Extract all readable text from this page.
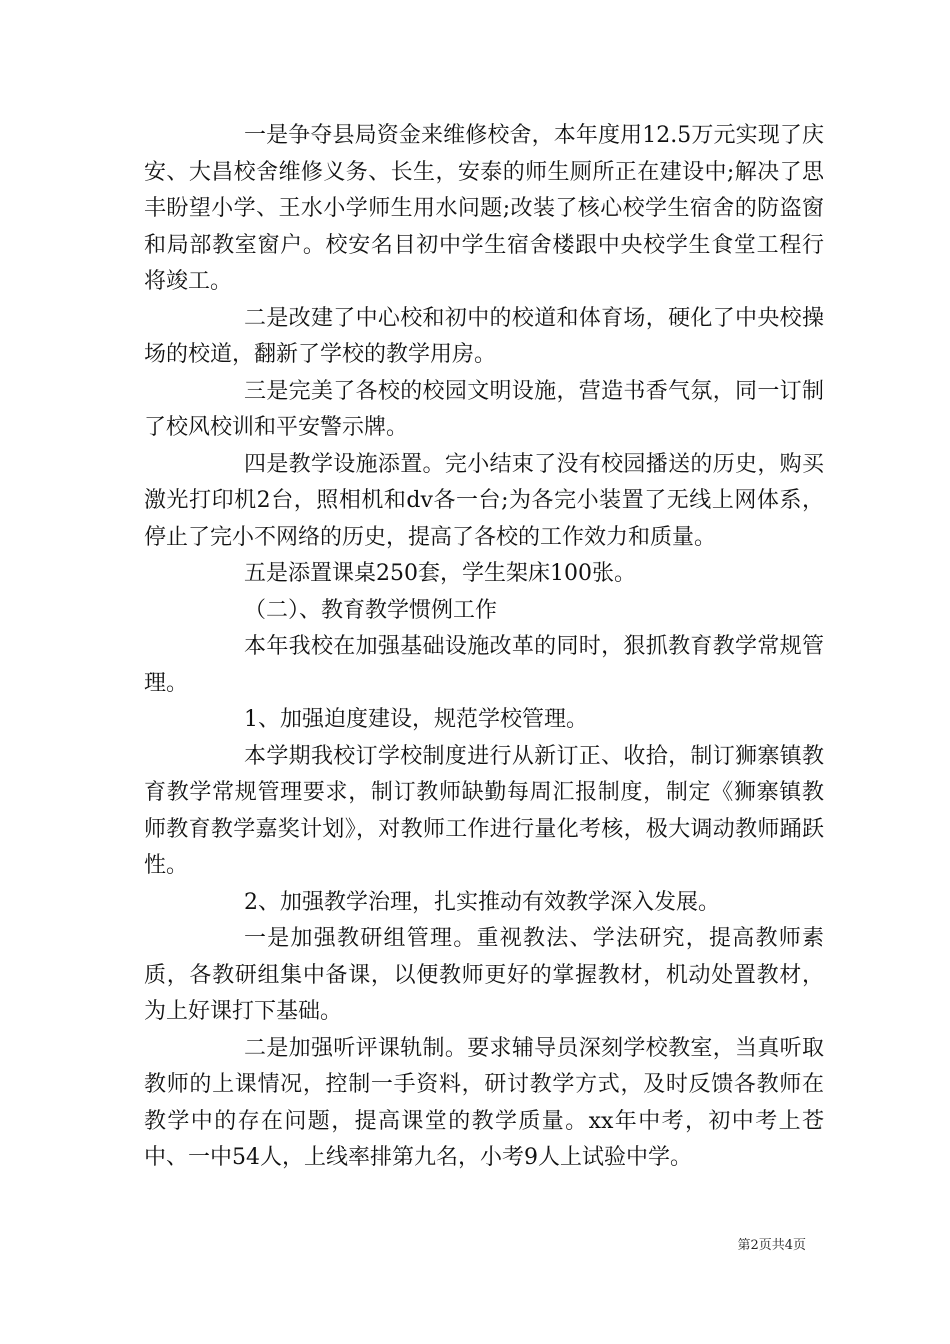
一是争夺县局资金来维修校舍，本年度用12.5万元实现了庆安、大昌校舍维修义务、长生，安泰的师生厕所正在建设中;解决了思丰盼望小学、王水小学师生用水问题;改装了核心校学生宿舍的防盗窗和局部教室窗户。校安名目初中学生宿舍楼跟中央校学生食堂工程行将竣工。

二是改建了中心校和初中的校道和体育场，硬化了中央校操场的校道，翻新了学校的教学用房。

三是完美了各校的校园文明设施，营造书香气氛，同一订制了校风校训和平安警示牌。

四是教学设施添置。完小结束了没有校园播送的历史，购买激光打印机2台，照相机和dv各一台;为各完小装置了无线上网体系，停止了完小不网络的历史，提高了各校的工作效力和质量。

五是添置课桌250套，学生架床100张。

（二）、教育教学惯例工作

本年我校在加强基础设施改革的同时，狠抓教育教学常规管理。

1、加强迫度建设，规范学校管理。

本学期我校订学校制度进行从新订正、收拾，制订狮寨镇教育教学常规管理要求，制订教师缺勤每周汇报制度，制定《狮寨镇教师教育教学嘉奖计划》，对教师工作进行量化考核，极大调动教师踊跃性。

2、加强教学治理，扎实推动有效教学深入发展。

一是加强教研组管理。重视教法、学法研究，提高教师素质，各教研组集中备课，以便教师更好的掌握教材，机动处置教材，为上好课打下基础。

二是加强听评课轨制。要求辅导员深刻学校教室，当真听取教师的上课情况，控制一手资料，研讨教学方式，及时反馈各教师在教学中的存在问题，提高课堂的教学质量。xx年中考，初中考上苍中、一中54人，上线率排第九名，小考9人上试验中学。

第2页共4页
